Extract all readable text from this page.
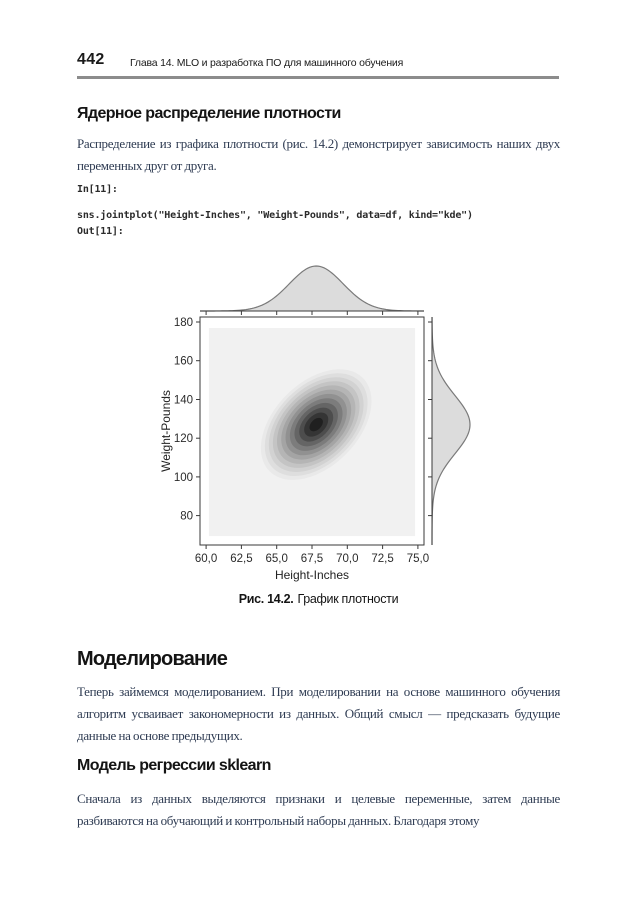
442 Глава 14. MLO и разработка ПО для машинного обучения
Ядерное распределение плотности
Распределение из графика плотности (рис. 14.2) демонстрирует зависимость наших двух переменных друг от друга.
In[11]:
sns.jointplot("Height-Inches", "Weight-Pounds", data=df, kind="kde")
Out[11]:
60,0 62,5 65,0 67,5 70,0 72,5 75,0
80
100
120
140
160
180
Height-Inches
Weight-Pounds
Рис. 14.2. График плотности
Моделирование
Теперь займемся моделированием. При моделировании на основе машинного обучения алгоритм усваивает закономерности из данных. Общий смысл — предсказать будущие данные на основе предыдущих.
Модель регрессии sklearn
Сначала из данных выделяются признаки и целевые переменные, затем данные разбиваются на обучающий и контрольный наборы данных. Благодаря этому
